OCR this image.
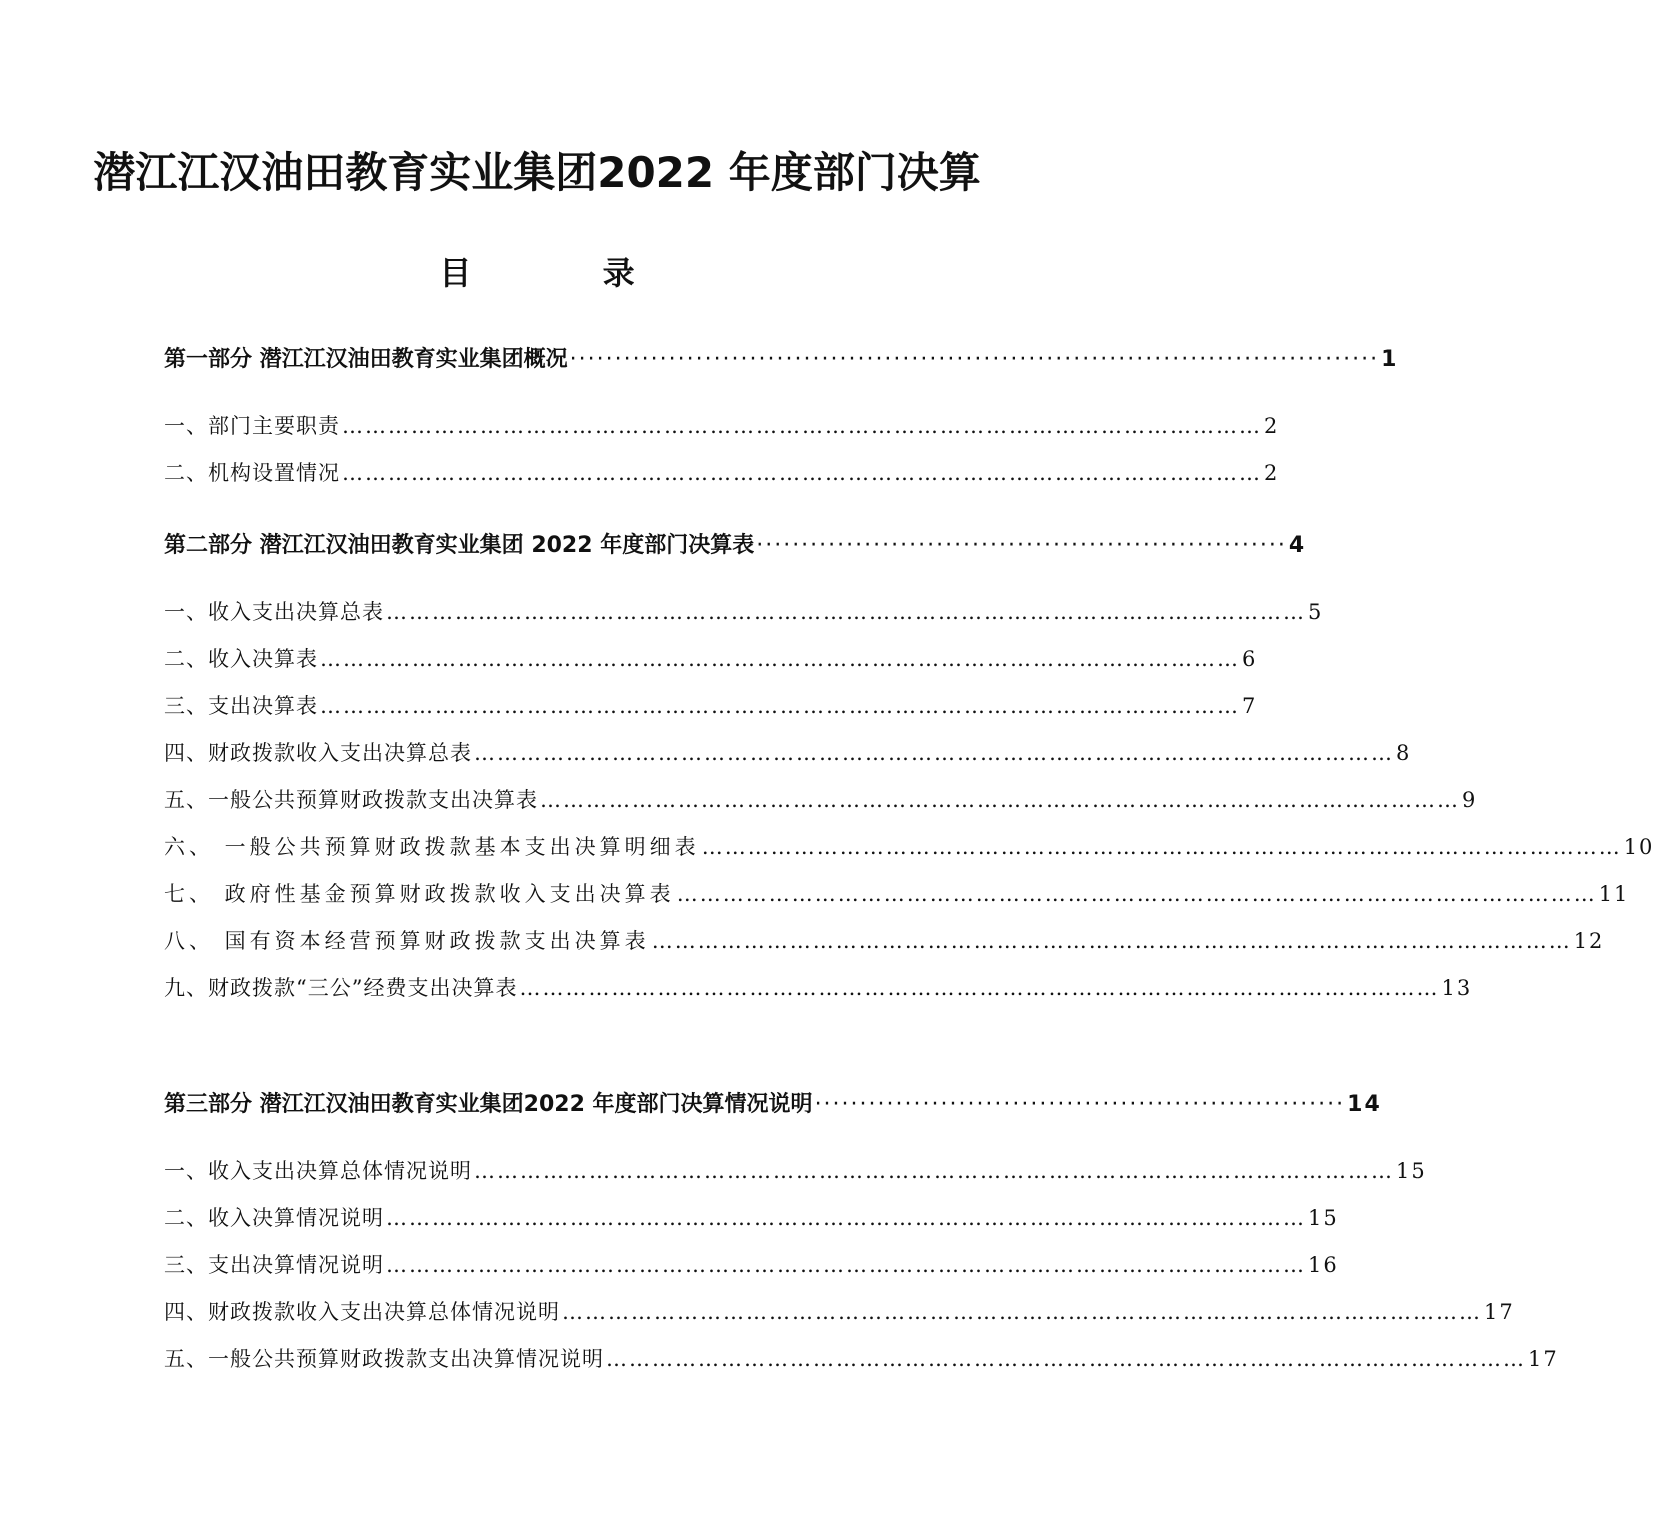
潜江江汉油田教育实业集团2022 年度部门决算
目 录
第一部分 潜江江汉油田教育实业集团概况 ·························································································· 1
一、部门主要职责 ………………………………………………………………………………………………………… 2
二、机构设置情况 ………………………………………………………………………………………………………… 2
第二部分 潜江江汉油田教育实业集团 2022 年度部门决算表 ··························································· 4
一、收入支出决算总表 ………………………………………………………………………………………………………… 5
二、收入决算表 ………………………………………………………………………………………………………… 6
三、支出决算表 ………………………………………………………………………………………………………… 7
四、财政拨款收入支出决算总表 ………………………………………………………………………………………………………… 8
五、一般公共预算财政拨款支出决算表 ………………………………………………………………………………………………………… 9
六、 一般公共预算财政拨款基本支出决算明细表 ………………………………………………………………………………………………………… 10
七、 政府性基金预算财政拨款收入支出决算表 ………………………………………………………………………………………………………… 11
八、 国有资本经营预算财政拨款支出决算表 ………………………………………………………………………………………………………… 12
九、财政拨款“三公”经费支出决算表 ………………………………………………………………………………………………………… 13
第三部分 潜江江汉油田教育实业集团2022 年度部门决算情况说明 ··························································· 14
一、收入支出决算总体情况说明 ………………………………………………………………………………………………………… 15
二、收入决算情况说明 ………………………………………………………………………………………………………… 15
三、支出决算情况说明 ………………………………………………………………………………………………………… 16
四、财政拨款收入支出决算总体情况说明 ………………………………………………………………………………………………………… 17
五、一般公共预算财政拨款支出决算情况说明 ………………………………………………………………………………………………………… 17
